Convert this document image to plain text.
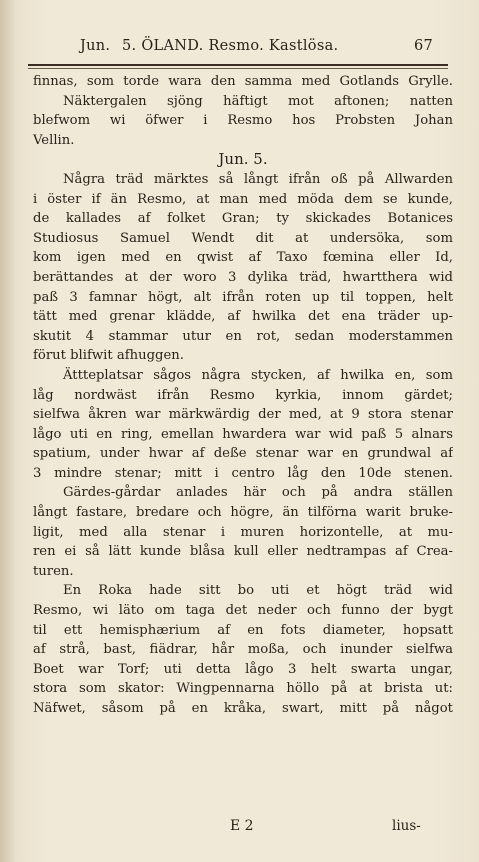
Jun. 5. ÖLAND. Resmo. Kastlösa.	67
finnas, som torde wara den samma med Gotlands Grylle.
Näktergalen sjöng häftigt mot aftonen; natten
blefwom wi öfwer i Resmo hos Probsten Johan
Vellin.
Jun. 5.
Några träd märktes så långt ifrån oß på Allwarden
i öster if än Resmo, at man med möda dem se kunde,
de kallades af folket Gran; ty skickades Botanices
Studiosus Samuel Wendt dit at undersöka, som
kom igen med en qwist af Taxo fœmina eller Id,
berättandes at der woro 3 dylika träd, hwartthera wid
paß 3 famnar högt, alt ifrån roten up til toppen, helt
tätt med grenar klädde, af hwilka det ena träder up-
skutit 4 stammar utur en rot, sedan moderstammen
förut blifwit afhuggen.
Ättteplatsar sågos några stycken, af hwilka en, som
låg nordwäst ifrån Resmo kyrkia, innom gärdet;
sielfwa åkren war märkwärdig der med, at 9 stora stenar
lågo uti en ring, emellan hwardera war wid paß 5 alnars
spatium, under hwar af deße stenar war en grundwal af
3 mindre stenar; mitt i centro låg den 10de stenen.
Gärdes-gårdar anlades här och på andra ställen
långt fastare, bredare och högre, än tilförna warit bruke-
ligit, med alla stenar i muren horizontelle, at mu-
ren ei så lätt kunde blåsa kull eller nedtrampas af Crea-
turen.
En Roka hade sitt bo uti et högt träd wid
Resmo, wi läto om taga det neder och funno der bygt
til ett hemisphærium af en fots diameter, hopsatt
af strå, bast, fiädrar, hår moßa, och inunder sielfwa
Boet war Torf; uti detta lågo 3 helt swarta ungar,
stora som skator: Wingpennarna höllo på at brista ut:
Näfwet, såsom på en kråka, swart, mitt på något
E 2	lius-
